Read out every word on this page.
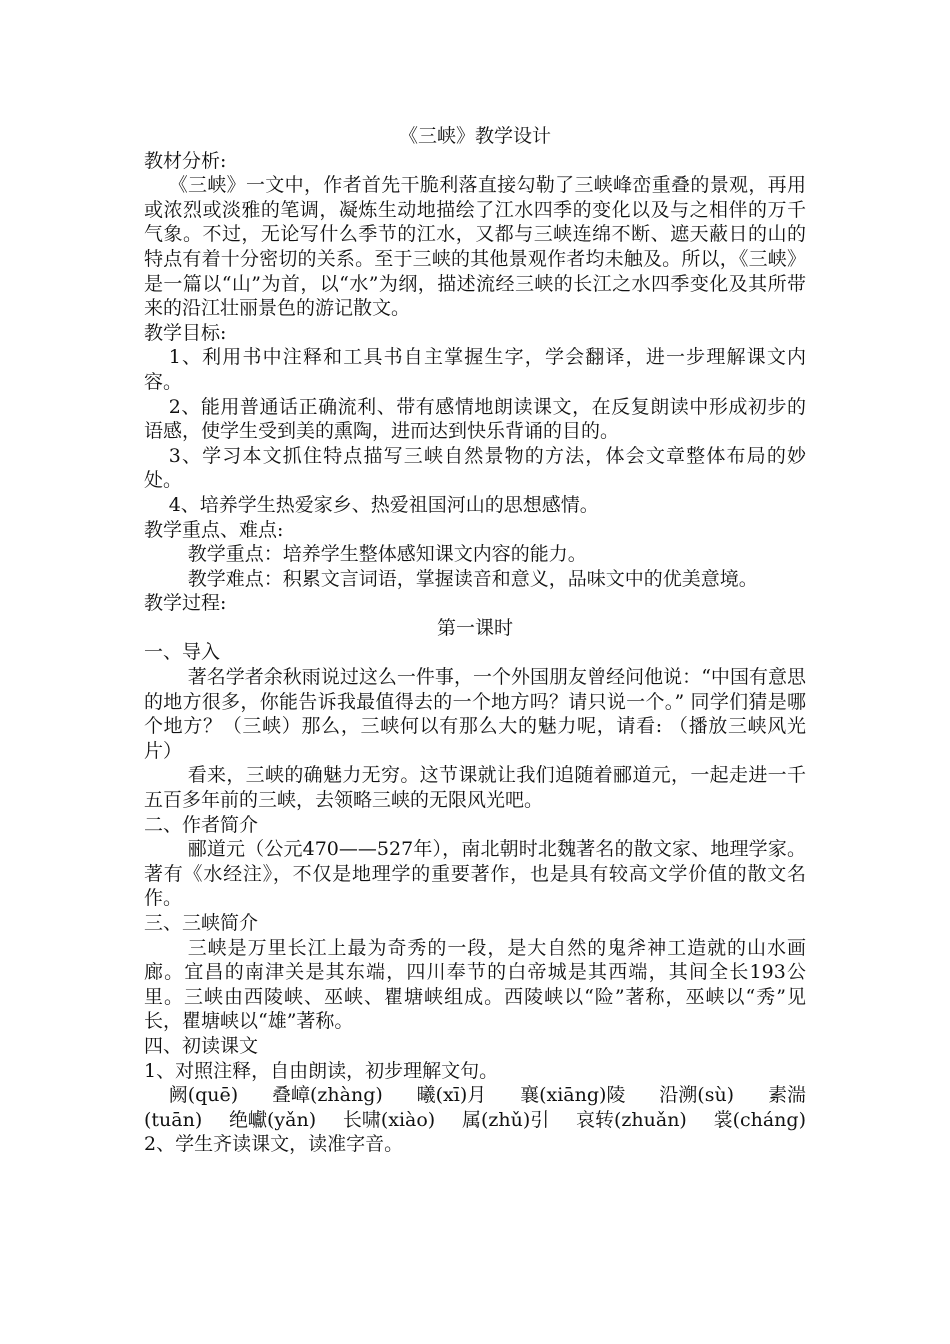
《三峡》教学设计

教材分析:

《三峡》一文中，作者首先干脆利落直接勾勒了三峡峰峦重叠的景观，再用或浓烈或淡雅的笔调，凝炼生动地描绘了江水四季的变化以及与之相伴的万千气象。不过，无论写什么季节的江水，又都与三峡连绵不断、遮天蔽日的山的特点有着十分密切的关系。至于三峡的其他景观作者均未触及。所以，《三峡》是一篇以“山”为首，以“水”为纲，描述流经三峡的长江之水四季变化及其所带来的沿江壮丽景色的游记散文。

教学目标:

1、利用书中注释和工具书自主掌握生字，学会翻译，进一步理解课文内容。

2、能用普通话正确流利、带有感情地朗读课文，在反复朗读中形成初步的语感，使学生受到美的熏陶，进而达到快乐背诵的目的。

3、学习本文抓住特点描写三峡自然景物的方法，体会文章整体布局的妙处。

4、培养学生热爱家乡、热爱祖国河山的思想感情。

教学重点、难点:

教学重点：培养学生整体感知课文内容的能力。

教学难点：积累文言词语，掌握读音和意义，品味文中的优美意境。

教学过程:

第一课时

一、导入

著名学者余秋雨说过这么一件事，一个外国朋友曾经问他说：“中国有意思的地方很多，你能告诉我最值得去的一个地方吗？请只说一个。” 同学们猜是哪个地方？（三峡）那么，三峡何以有那么大的魅力呢，请看: （播放三峡风光片）

看来，三峡的确魅力无穷。这节课就让我们追随着郦道元，一起走进一千五百多年前的三峡，去领略三峡的无限风光吧。

二、作者简介

郦道元（公元470——527年），南北朝时北魏著名的散文家、地理学家。著有《水经注》，不仅是地理学的重要著作，也是具有较高文学价值的散文名作。

三、三峡简介

三峡是万里长江上最为奇秀的一段，是大自然的鬼斧神工造就的山水画廊。宜昌的南津关是其东端，四川奉节的白帝城是其西端，其间全长193公里。三峡由西陵峡、巫峡、瞿塘峡组成。西陵峡以“险”著称，巫峡以“秀”见长，瞿塘峡以“雄”著称。

四、初读课文

1、对照注释，自由朗读，初步理解文句。

阙(quē) 叠嶂(zhàng) 曦(xī)月 襄(xiāng)陵 沿溯(sù) 素湍
(tuān) 绝巘(yǎn) 长啸(xiào) 属(zhǔ)引 哀转(zhuǎn) 裳(cháng)

2、学生齐读课文，读准字音。
